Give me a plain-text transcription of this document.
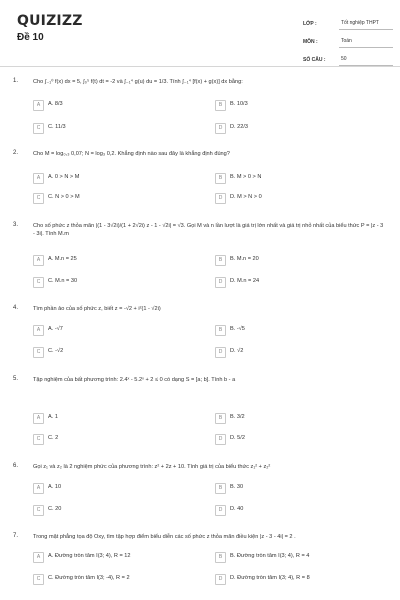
QUIZIZZ
Đề 10
LỚP :	Tốt nghiệp THPT
MÔN :	Toán
SỐ CÂU :	50
1.	Cho ∫₋₁⁰ f(x) dx = 5, ∫₀⁵ f(t) dt = -2 và ∫₋₁⁴ g(u) du = 1/3. Tính ∫₋₁⁴ [f(x) + g(x)] dx bằng:
A	A. 8/3	B	B. 10/3
C	C. 11/3	D	D. 22/3
2.	Cho M = log₀,₃ 0,07; N = log₃ 0,2. Khẳng định nào sau đây là khẳng định đúng?
A	A. 0 > N > M	B	B. M > 0 > N
C	C. N > 0 > M	D	D. M > N > 0
3.	Cho số phức z thỏa mãn |(1 - 3√2i)/(1 + 2√2i) z - 1 - √2i| = √3. Gọi M và n lần lượt là giá trị lớn nhất và giá trị nhỏ nhất của biểu thức P = |z - 3 - 3i|. Tính M.m
A	A. M.n = 25	B	B. M.n = 20
C	C. M.n = 30	D	D. M.n = 24
4.	Tìm phần ảo của số phức z, biết z = -√2 + i²(1 - √2i)
A	A. -√7	B	B. -√5
C	C. -√2	D	D. √2
5.	Tập nghiệm của bất phương trình: 2.4ˣ - 5.2ˣ + 2 ≤ 0 có dạng S = [a; b]. Tính b - a
A	A. 1	B	B. 3/2
C	C. 2	D	D. 5/2
6.	Gọi z₁ và z₂ là 2 nghiệm phức của phương trình: z² + 2z + 10. Tính giá trị của biểu thức z₁² + z₂²
A	A. 10	B	B. 30
C	C. 20	D	D. 40
7.	Trong mặt phẳng tọa độ Oxy, tìm tập hợp điểm biểu diễn các số phức z thỏa mãn điều kiện |z - 3 - 4i| = 2 .
A	A. Đường tròn tâm I(3; 4), R = 12	B	B. Đường tròn tâm I(3; 4), R = 4
C	C. Đường tròn tâm I(3; -4), R = 2	D	D. Đường tròn tâm I(3; 4), R = 8
